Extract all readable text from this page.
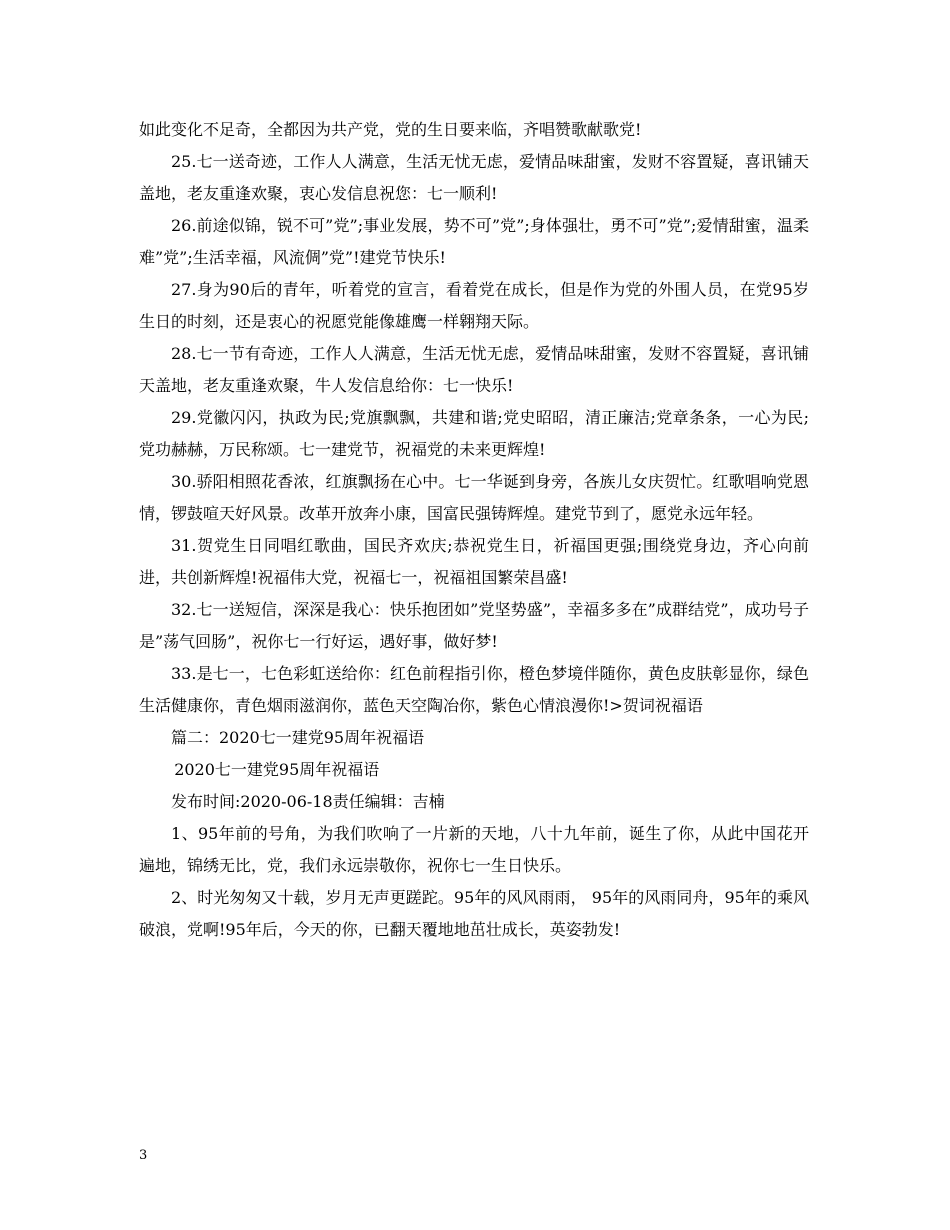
如此变化不足奇，全都因为共产党，党的生日要来临，齐唱赞歌献歌党!

25.七一送奇迹，工作人人满意，生活无忧无虑，爱情品味甜蜜，发财不容置疑，喜讯铺天盖地，老友重逢欢聚，衷心发信息祝您：七一顺利!

26.前途似锦，锐不可”党”;事业发展，势不可”党”;身体强壮，勇不可”党”;爱情甜蜜，温柔难”党”;生活幸福，风流倜”党”!建党节快乐!

27.身为90后的青年，听着党的宣言，看着党在成长，但是作为党的外围人员，在党95岁生日的时刻，还是衷心的祝愿党能像雄鹰一样翱翔天际。

28.七一节有奇迹，工作人人满意，生活无忧无虑，爱情品味甜蜜，发财不容置疑，喜讯铺天盖地，老友重逢欢聚，牛人发信息给你：七一快乐!

29.党徽闪闪，执政为民;党旗飘飘，共建和谐;党史昭昭，清正廉洁;党章条条，一心为民;党功赫赫，万民称颂。七一建党节，祝福党的未来更辉煌!

30.骄阳相照花香浓，红旗飘扬在心中。七一华诞到身旁，各族儿女庆贺忙。红歌唱响党恩情，锣鼓喧天好风景。改革开放奔小康，国富民强铸辉煌。建党节到了，愿党永远年轻。

31.贺党生日同唱红歌曲，国民齐欢庆;恭祝党生日，祈福国更强;围绕党身边，齐心向前进，共创新辉煌!祝福伟大党，祝福七一，祝福祖国繁荣昌盛!

32.七一送短信，深深是我心：快乐抱团如”党坚势盛”，幸福多多在”成群结党”，成功号子是”荡气回肠”，祝你七一行好运，遇好事，做好梦!

33.是七一，七色彩虹送给你：红色前程指引你，橙色梦境伴随你，黄色皮肤彰显你，绿色生活健康你，青色烟雨滋润你，蓝色天空陶冶你，紫色心情浪漫你!>贺词祝福语

篇二：2020七一建党95周年祝福语

2020七一建党95周年祝福语

发布时间:2020-06-18责任编辑：吉楠

1、95年前的号角，为我们吹响了一片新的天地，八十九年前，诞生了你，从此中国花开遍地，锦绣无比，党，我们永远崇敬你，祝你七一生日快乐。

2、时光匆匆又十载，岁月无声更蹉跎。95年的风风雨雨， 95年的风雨同舟，95年的乘风破浪，党啊!95年后，今天的你，已翻天覆地地茁壮成长，英姿勃发!

3
